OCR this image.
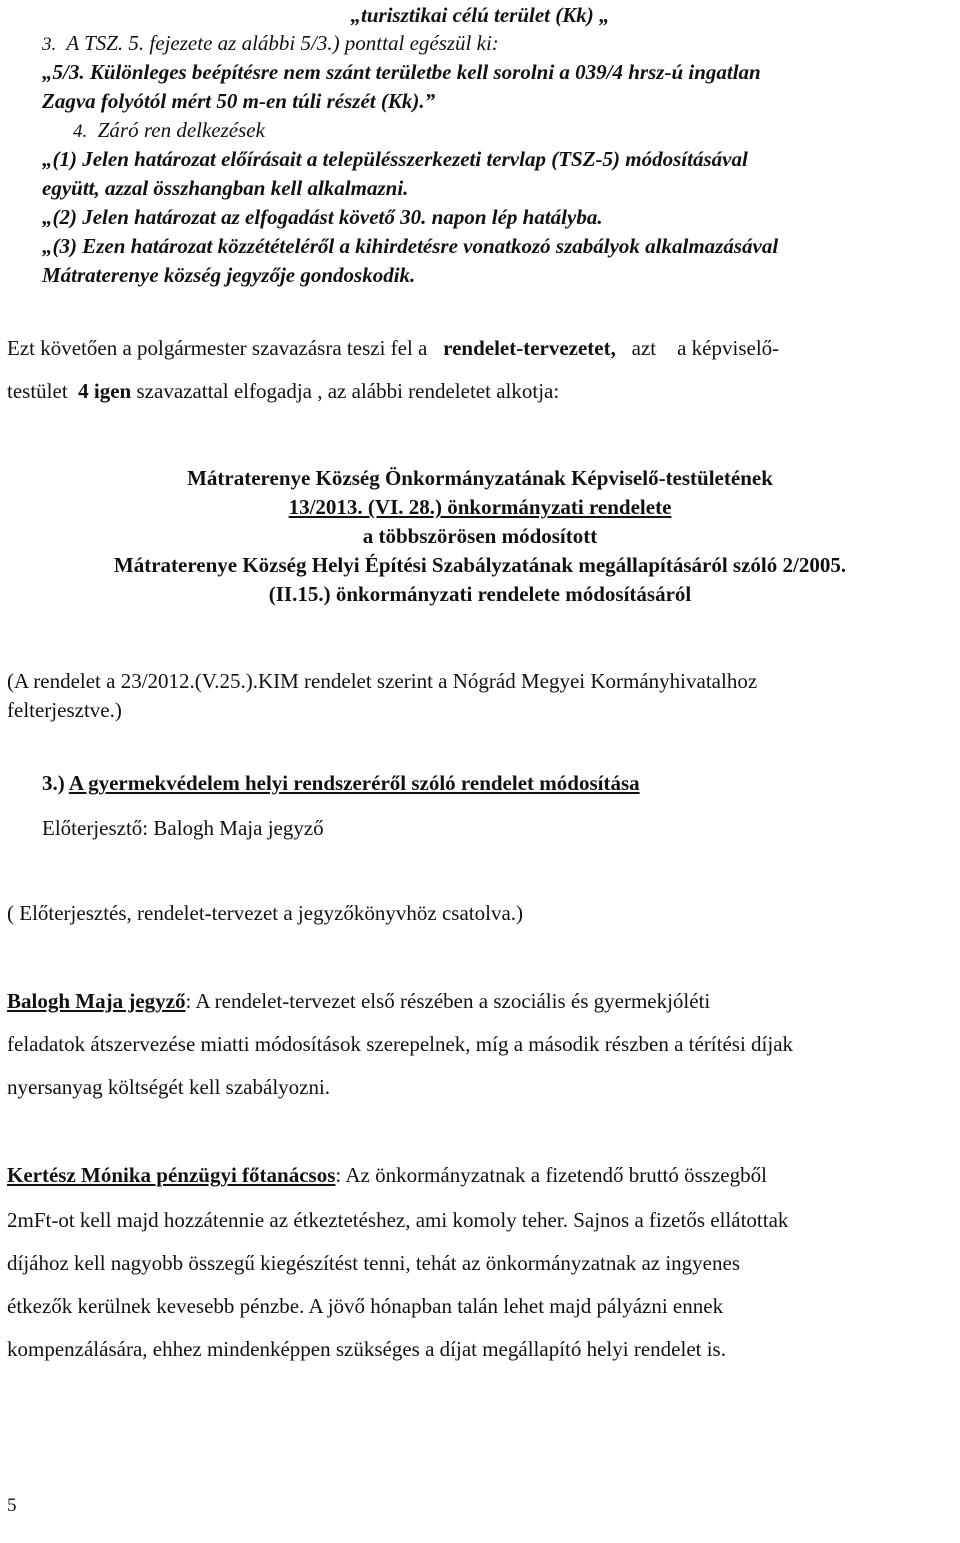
„turisztikai célú terület (Kk) „
3. A TSZ. 5. fejezete az alábbi 5/3.) ponttal egészül ki:
„5/3. Különleges beépítésre nem szánt területbe kell sorolni a 039/4 hrsz-ú ingatlan
Zagva folyótól mért 50 m-en túli részét (Kk).”
4. Záró ren delkezések
„(1) Jelen határozat előírásait a településszerkezeti tervlap (TSZ-5) módosításával
együtt, azzal összhangban kell alkalmazni.
„(2) Jelen határozat az elfogadást követő 30. napon lép hatályba.
„(3) Ezen határozat közzétételéről a kihirdetésre vonatkozó szabályok alkalmazásával
Mátraterenye község jegyzője gondoskodik.
Ezt követően a polgármester szavazásra teszi fel a rendelet-tervezetet, azt a képviselő-
testület 4 igen szavazattal elfogadja , az alábbi rendeletet alkotja:
Mátraterenye Község Önkormányzatának Képviselő-testületének
13/2013. (VI. 28.) önkormányzati rendelete
a többszörösen módosított
Mátraterenye Község Helyi Építési Szabályzatának megállapításáról szóló 2/2005.
(II.15.) önkormányzati rendelete módosításáról
(A rendelet a 23/2012.(V.25.).KIM rendelet szerint a Nógrád Megyei Kormányhivatalhoz
felterjesztve.)
3.) A gyermekvédelem helyi rendszeréről szóló rendelet módosítása
Előterjesztő: Balogh Maja jegyző
( Előterjesztés, rendelet-tervezet a jegyzőkönyvhöz csatolva.)
Balogh Maja jegyző: A rendelet-tervezet első részében a szociális és gyermekjóléti
feladatok átszervezése miatti módosítások szerepelnek, míg a második részben a térítési díjak
nyersanyag költségét kell szabályozni.
Kertész Mónika pénzügyi főtanácsos: Az önkormányzatnak a fizetendő bruttó összegből
2mFt-ot kell majd hozzátennie az étkeztetéshez, ami komoly teher. Sajnos a fizetős ellátottak
díjához kell nagyobb összegű kiegészítést tenni, tehát az önkormányzatnak az ingyenes
étkezők kerülnek kevesebb pénzbe. A jövő hónapban talán lehet majd pályázni ennek
kompenzálására, ehhez mindenképpen szükséges a díjat megállapító helyi rendelet is.
5
